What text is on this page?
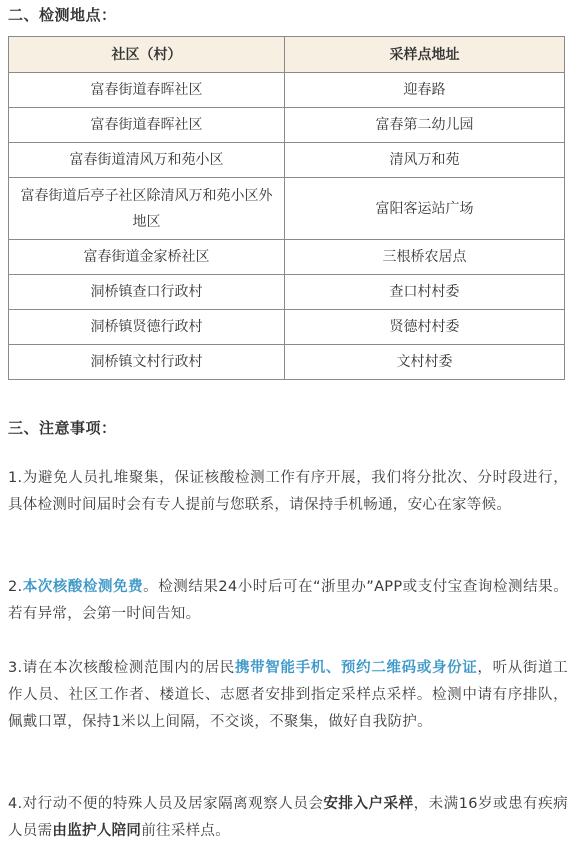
二、检测地点：
社区（村）	采样点地址
富春街道春晖社区	迎春路
富春街道春晖社区	富春第二幼儿园
富春街道清风万和苑小区	清风万和苑
富春街道后亭子社区除清风万和苑小区外地区	富阳客运站广场
富春街道金家桥社区	三根桥农居点
洞桥镇查口行政村	查口村村委
洞桥镇贤德行政村	贤德村村委
洞桥镇文村行政村	文村村委
三、注意事项：

1.为避免人员扎堆聚集，保证核酸检测工作有序开展，我们将分批次、分时段进行，具体检测时间届时会有专人提前与您联系，请保持手机畅通，安心在家等候。

2.本次核酸检测免费。检测结果24小时后可在“浙里办”APP或支付宝查询检测结果。若有异常，会第一时间告知。

3.请在本次核酸检测范围内的居民携带智能手机、预约二维码或身份证，听从街道工作人员、社区工作者、楼道长、志愿者安排到指定采样点采样。检测中请有序排队，佩戴口罩，保持1米以上间隔，不交谈，不聚集，做好自我防护。

4.对行动不便的特殊人员及居家隔离观察人员会安排入户采样，未满16岁或患有疾病人员需由监护人陪同前往采样点。
